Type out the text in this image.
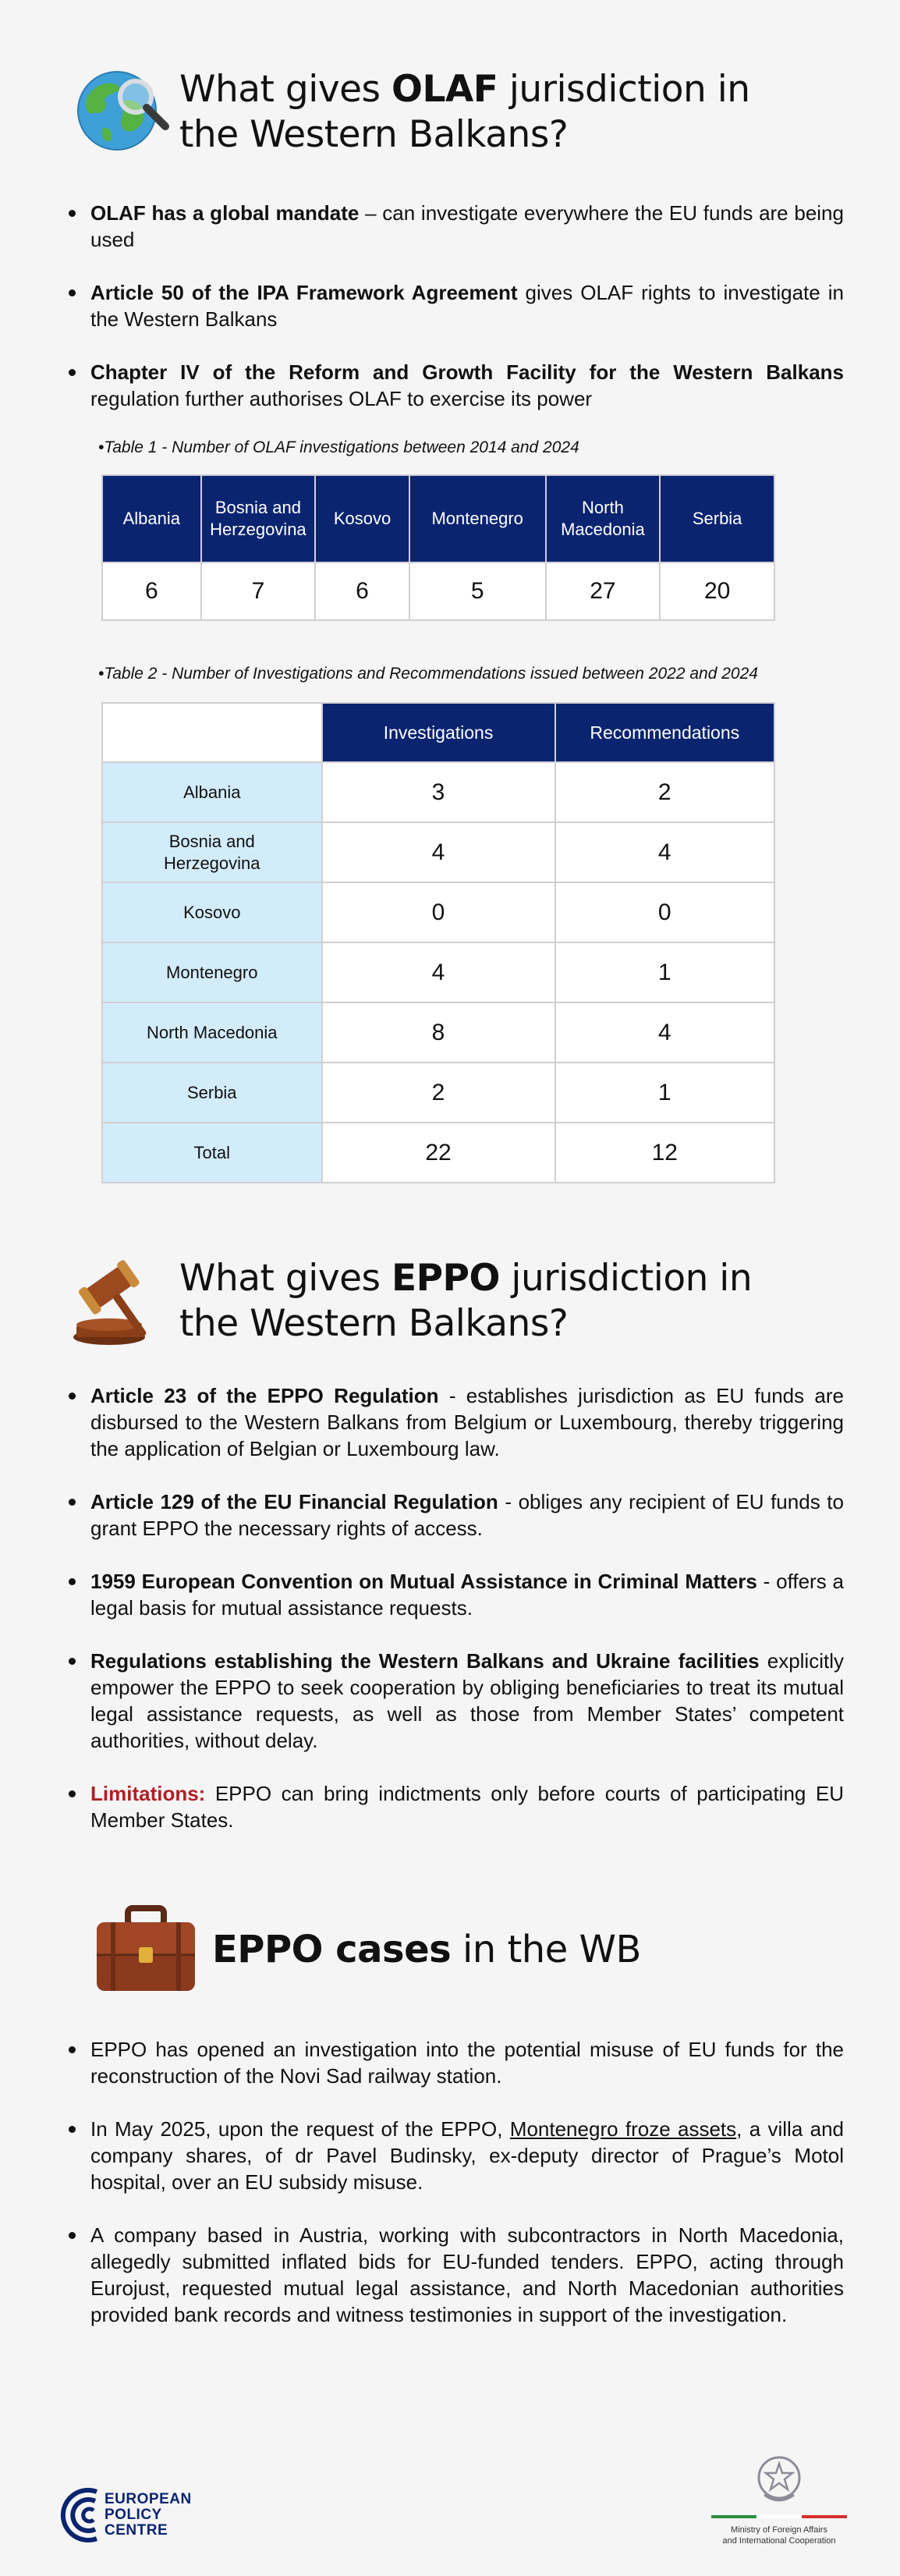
What gives OLAF jurisdiction in the Western Balkans?
OLAF has a global mandate – can investigate everywhere the EU funds are being used
Article 50 of the IPA Framework Agreement gives OLAF rights to investigate in the Western Balkans
Chapter IV of the Reform and Growth Facility for the Western Balkans regulation further authorises OLAF to exercise its power
•Table 1 - Number of OLAF investigations between 2014 and 2024
Albania	Bosnia and Herzegovina	Kosovo	Montenegro	North Macedonia	Serbia
6	7	6	5	27	20
•Table 2 - Number of Investigations and Recommendations issued between 2022 and 2024
	Investigations	Recommendations
Albania	3	2
Bosnia and Herzegovina	4	4
Kosovo	0	0
Montenegro	4	1
North Macedonia	8	4
Serbia	2	1
Total	22	12
What gives EPPO jurisdiction in the Western Balkans?
Article 23 of the EPPO Regulation - establishes jurisdiction as EU funds are disbursed to the Western Balkans from Belgium or Luxembourg, thereby triggering the application of Belgian or Luxembourg law.
Article 129 of the EU Financial Regulation - obliges any recipient of EU funds to grant EPPO the necessary rights of access.
1959 European Convention on Mutual Assistance in Criminal Matters - offers a legal basis for mutual assistance requests.
Regulations establishing the Western Balkans and Ukraine facilities explicitly empower the EPPO to seek cooperation by obliging beneficiaries to treat its mutual legal assistance requests, as well as those from Member States’ competent authorities, without delay.
Limitations: EPPO can bring indictments only before courts of participating EU Member States.
EPPO cases in the WB
EPPO has opened an investigation into the potential misuse of EU funds for the reconstruction of the Novi Sad railway station.
In May 2025, upon the request of the EPPO, Montenegro froze assets, a villa and company shares, of dr Pavel Budinsky, ex-deputy director of Prague’s Motol hospital, over an EU subsidy misuse.
A company based in Austria, working with subcontractors in North Macedonia, allegedly submitted inflated bids for EU-funded tenders. EPPO, acting through Eurojust, requested mutual legal assistance, and North Macedonian authorities provided bank records and witness testimonies in support of the investigation.
EUROPEAN
POLICY
CENTRE	Ministry of Foreign Affairs
and International Cooperation
